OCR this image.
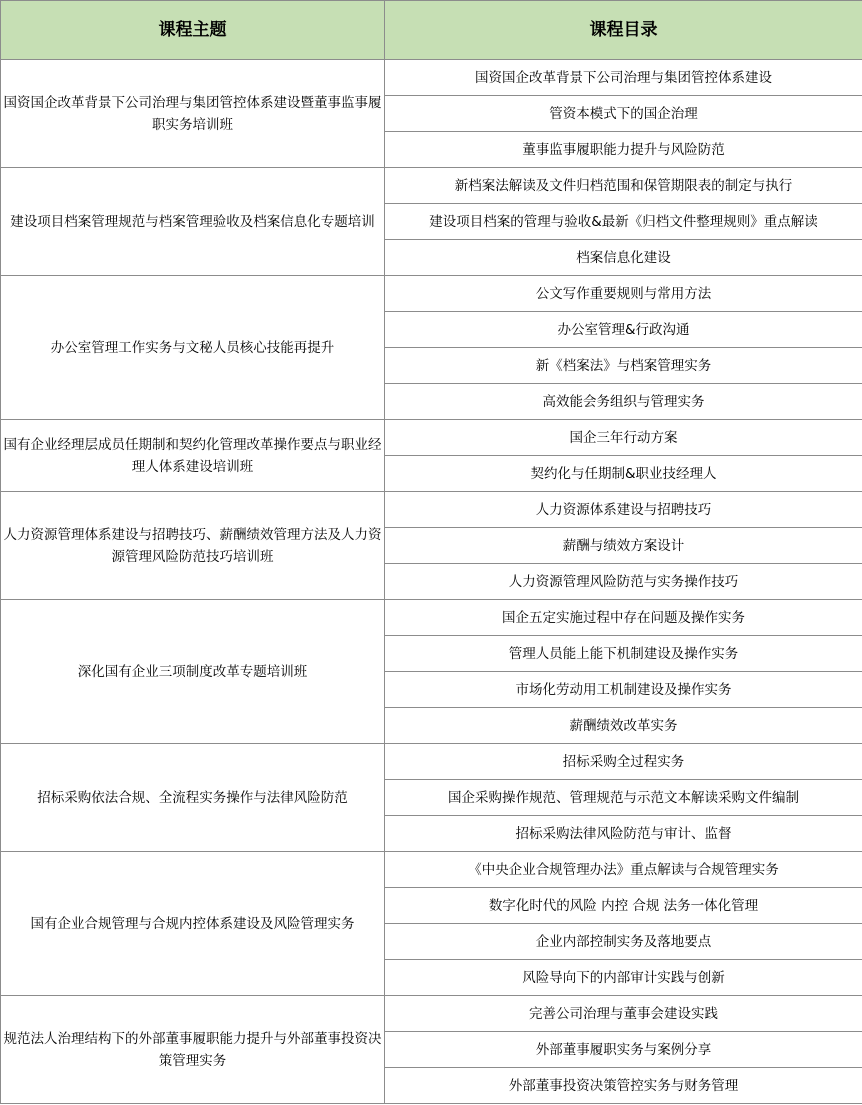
课程主题	课程目录
国资国企改革背景下公司治理与集团管控体系建设暨董事监事履职实务培训班	国资国企改革背景下公司治理与集团管控体系建设
	管资本模式下的国企治理
	董事监事履职能力提升与风险防范
建设项目档案管理规范与档案管理验收及档案信息化专题培训	新档案法解读及文件归档范围和保管期限表的制定与执行
	建设项目档案的管理与验收&最新《归档文件整理规则》重点解读
	档案信息化建设
办公室管理工作实务与文秘人员核心技能再提升	公文写作重要规则与常用方法
	办公室管理&行政沟通
	新《档案法》与档案管理实务
	高效能会务组织与管理实务
国有企业经理层成员任期制和契约化管理改革操作要点与职业经理人体系建设培训班	国企三年行动方案
	契约化与任期制&职业技经理人
人力资源管理体系建设与招聘技巧、薪酬绩效管理方法及人力资源管理风险防范技巧培训班	人力资源体系建设与招聘技巧
	薪酬与绩效方案设计
	人力资源管理风险防范与实务操作技巧
深化国有企业三项制度改革专题培训班	国企五定实施过程中存在问题及操作实务
	管理人员能上能下机制建设及操作实务
	市场化劳动用工机制建设及操作实务
	薪酬绩效改革实务
招标采购依法合规、全流程实务操作与法律风险防范	招标采购全过程实务
	国企采购操作规范、管理规范与示范文本解读采购文件编制
	招标采购法律风险防范与审计、监督
国有企业合规管理与合规内控体系建设及风险管理实务	《中央企业合规管理办法》重点解读与合规管理实务
	数字化时代的风险 内控 合规 法务一体化管理
	企业内部控制实务及落地要点
	风险导向下的内部审计实践与创新
规范法人治理结构下的外部董事履职能力提升与外部董事投资决策管理实务	完善公司治理与董事会建设实践
	外部董事履职实务与案例分享
	外部董事投资决策管控实务与财务管理
